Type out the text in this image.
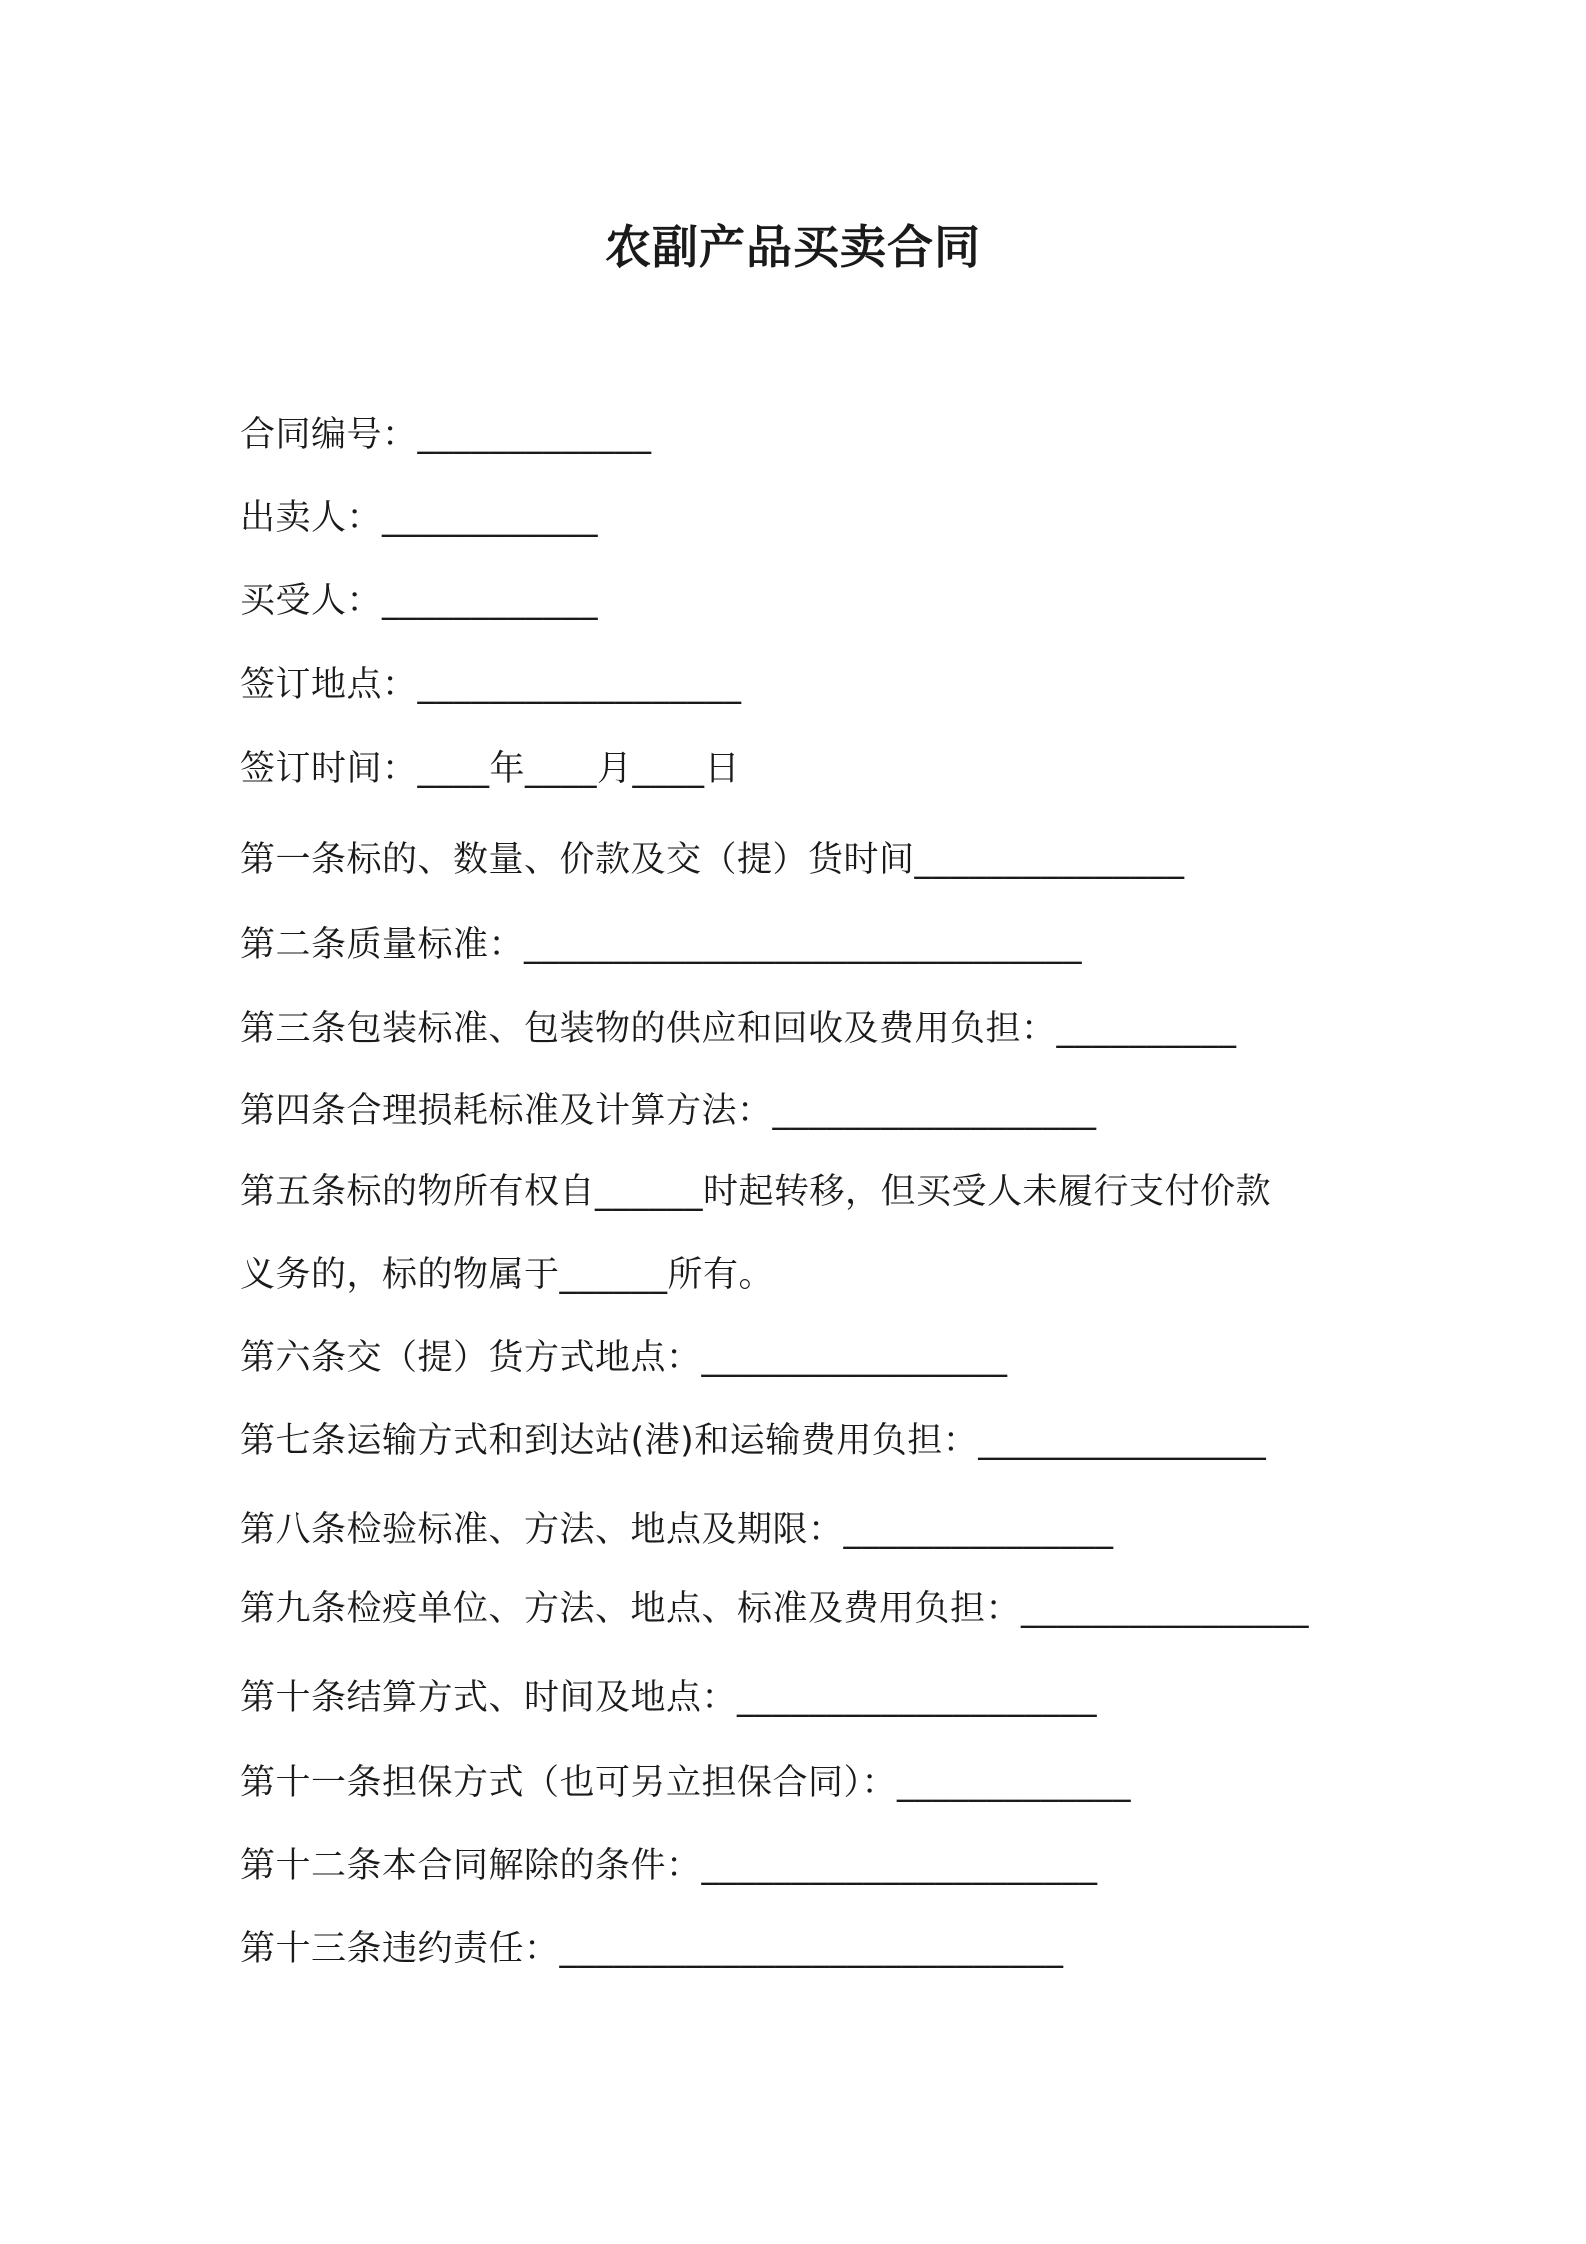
农副产品买卖合同
合同编号：_____________
出卖人：____________
买受人：____________
签订地点：__________________
签订时间：____年____月____日
第一条标的、数量、价款及交（提）货时间_______________
第二条质量标准：_______________________________
第三条包装标准、包装物的供应和回收及费用负担：__________
第四条合理损耗标准及计算方法：__________________
第五条标的物所有权自______时起转移，但买受人未履行支付价款
义务的，标的物属于______所有。
第六条交（提）货方式地点：_________________
第七条运输方式和到达站(港)和运输费用负担：________________
第八条检验标准、方法、地点及期限：_______________
第九条检疫单位、方法、地点、标准及费用负担：________________
第十条结算方式、时间及地点：____________________
第十一条担保方式（也可另立担保合同）：_____________
第十二条本合同解除的条件：______________________
第十三条违约责任：____________________________
